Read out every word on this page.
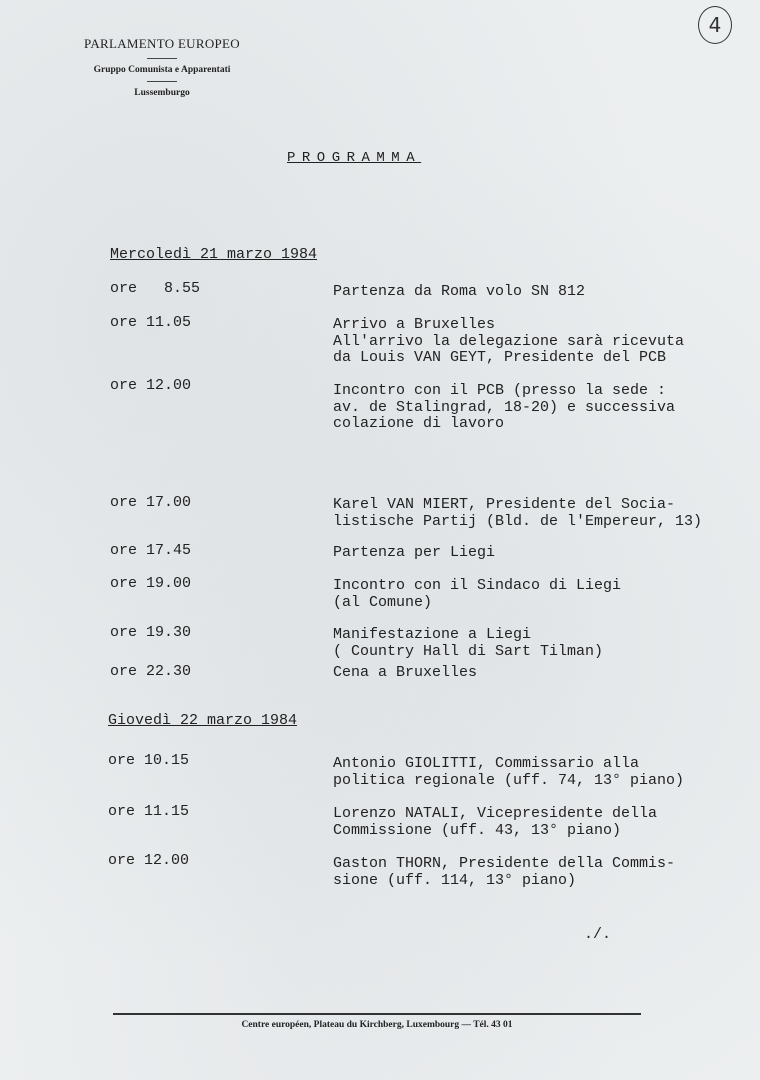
PARLAMENTO EUROPEO
Gruppo Comunista e Apparentati
Lussemburgo
4
PROGRAMMA
Mercoledì 21 marzo 1984
ore   8.55	Partenza da Roma volo SN 812
ore 11.05	Arrivo a Bruxelles
All'arrivo la delegazione sarà ricevuta
da Louis VAN GEYT, Presidente del PCB
ore 12.00	Incontro con il PCB (presso la sede :
av. de Stalingrad, 18-20) e successiva
colazione di lavoro
ore 17.00	Karel VAN MIERT, Presidente del Socia-
listische Partij (Bld. de l'Empereur, 13)
ore 17.45	Partenza per Liegi
ore 19.00	Incontro con il Sindaco di Liegi
(al Comune)
ore 19.30	Manifestazione a Liegi
( Country Hall di Sart Tilman)
ore 22.30	Cena a Bruxelles
Giovedì 22 marzo 1984
ore 10.15	Antonio GIOLITTI, Commissario alla
politica regionale (uff. 74, 13° piano)
ore 11.15	Lorenzo NATALI, Vicepresidente della
Commissione (uff. 43, 13° piano)
ore 12.00	Gaston THORN, Presidente della Commis-
sione (uff. 114, 13° piano)
./.
Centre européen, Plateau du Kirchberg, Luxembourg — Tél. 43 01
